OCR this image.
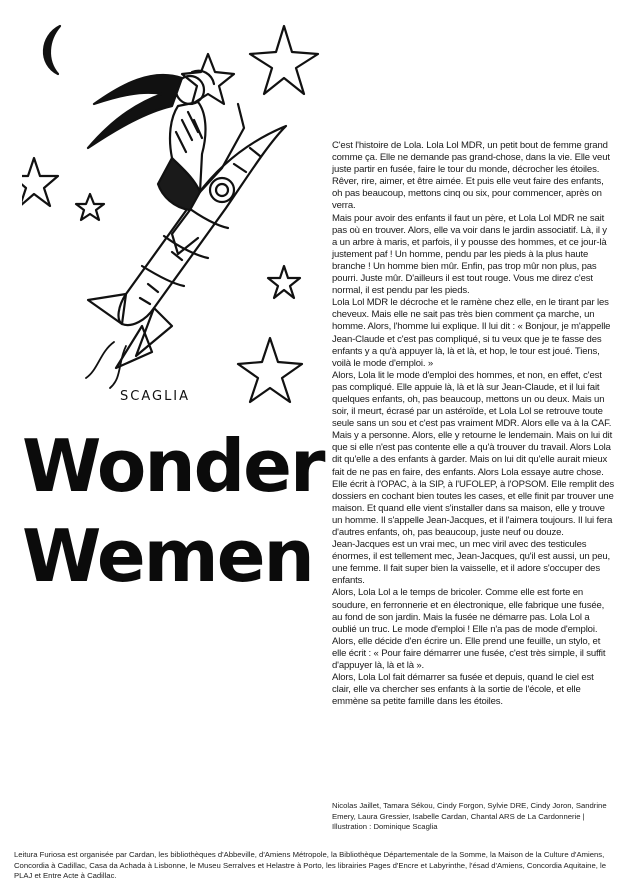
SCAGLIA
Wonder
Wemen

C'est l'histoire de Lola. Lola Lol MDR, un petit bout de femme grand comme ça. Elle ne demande pas grand-chose, dans la vie. Elle veut juste partir en fusée, faire le tour du monde, décrocher les étoiles. Rêver, rire, aimer, et être aimée. Et puis elle veut faire des enfants, oh pas beaucoup, mettons cinq ou six, pour commencer, après on verra.

Mais pour avoir des enfants il faut un père, et Lola Lol MDR ne sait pas où en trouver. Alors, elle va voir dans le jardin associatif. Là, il y a un arbre à maris, et parfois, il y pousse des hommes, et ce jour-là justement paf ! Un homme, pendu par les pieds à la plus haute branche ! Un homme bien mûr. Enfin, pas trop mûr non plus, pas pourri. Juste mûr. D'ailleurs il est tout rouge. Vous me direz c'est normal, il est pendu par les pieds.

Lola Lol MDR le décroche et le ramène chez elle, en le tirant par les cheveux. Mais elle ne sait pas très bien comment ça marche, un homme. Alors, l'homme lui explique. Il lui dit : « Bonjour, je m'appelle Jean-Claude et c'est pas compliqué, si tu veux que je te fasse des enfants y a qu'à appuyer là, là et là, et hop, le tour est joué. Tiens, voilà le mode d'emploi. »

Alors, Lola lit le mode d'emploi des hommes, et non, en effet, c'est pas compliqué. Elle appuie là, là et là sur Jean-Claude, et il lui fait quelques enfants, oh, pas beaucoup, mettons un ou deux. Mais un soir, il meurt, écrasé par un astéroïde, et Lola Lol se retrouve toute seule sans un sou et c'est pas vraiment MDR. Alors elle va à la CAF. Mais y a personne. Alors, elle y retourne le lendemain. Mais on lui dit que si elle n'est pas contente elle a qu'à trouver du travail. Alors Lola dit qu'elle a des enfants à garder. Mais on lui dit qu'elle aurait mieux fait de ne pas en faire, des enfants. Alors Lola essaye autre chose.

Elle écrit à l'OPAC, à la SIP, à l'UFOLEP, à l'OPSOM. Elle remplit des dossiers en cochant bien toutes les cases, et elle finit par trouver une maison. Et quand elle vient s'installer dans sa maison, elle y trouve un homme. Il s'appelle Jean-Jacques, et il l'aimera toujours. Il lui fera d'autres enfants, oh, pas beaucoup, juste neuf ou douze.

Jean-Jacques est un vrai mec, un mec viril avec des testicules énormes, il est tellement mec, Jean-Jacques, qu'il est aussi, un peu, une femme. Il fait super bien la vaisselle, et il adore s'occuper des enfants.

Alors, Lola Lol a le temps de bricoler. Comme elle est forte en soudure, en ferronnerie et en électronique, elle fabrique une fusée, au fond de son jardin. Mais la fusée ne démarre pas. Lola Lol a oublié un truc. Le mode d'emploi ! Elle n'a pas de mode d'emploi. Alors, elle décide d'en écrire un. Elle prend une feuille, un stylo, et elle écrit : « Pour faire démarrer une fusée, c'est très simple, il suffit d'appuyer là, là et là ».

Alors, Lola Lol fait démarrer sa fusée et depuis, quand le ciel est clair, elle va chercher ses enfants à la sortie de l'école, et elle emmène sa petite famille dans les étoiles.

Nicolas Jaillet, Tamara Sékou, Cindy Forgon, Sylvie DRE, Cindy Joron, Sandrine Emery, Laura Gressier, Isabelle Cardan, Chantal ARS de La Cardonnerie | Illustration : Dominique Scaglia
Leitura Furiosa est organisée par Cardan, les bibliothèques d'Abbeville, d'Amiens Métropole, la Bibliothèque Départementale de la Somme, la Maison de la Culture d'Amiens, Concordia à Cadillac, Casa da Achada à Lisbonne, le Museu Serralves et Helastre à Porto, les librairies Pages d'Encre et Labyrinthe, l'ésad d'Amiens, Concordia Aquitaine, le PLAJ et Entre Acte à Cadillac.
